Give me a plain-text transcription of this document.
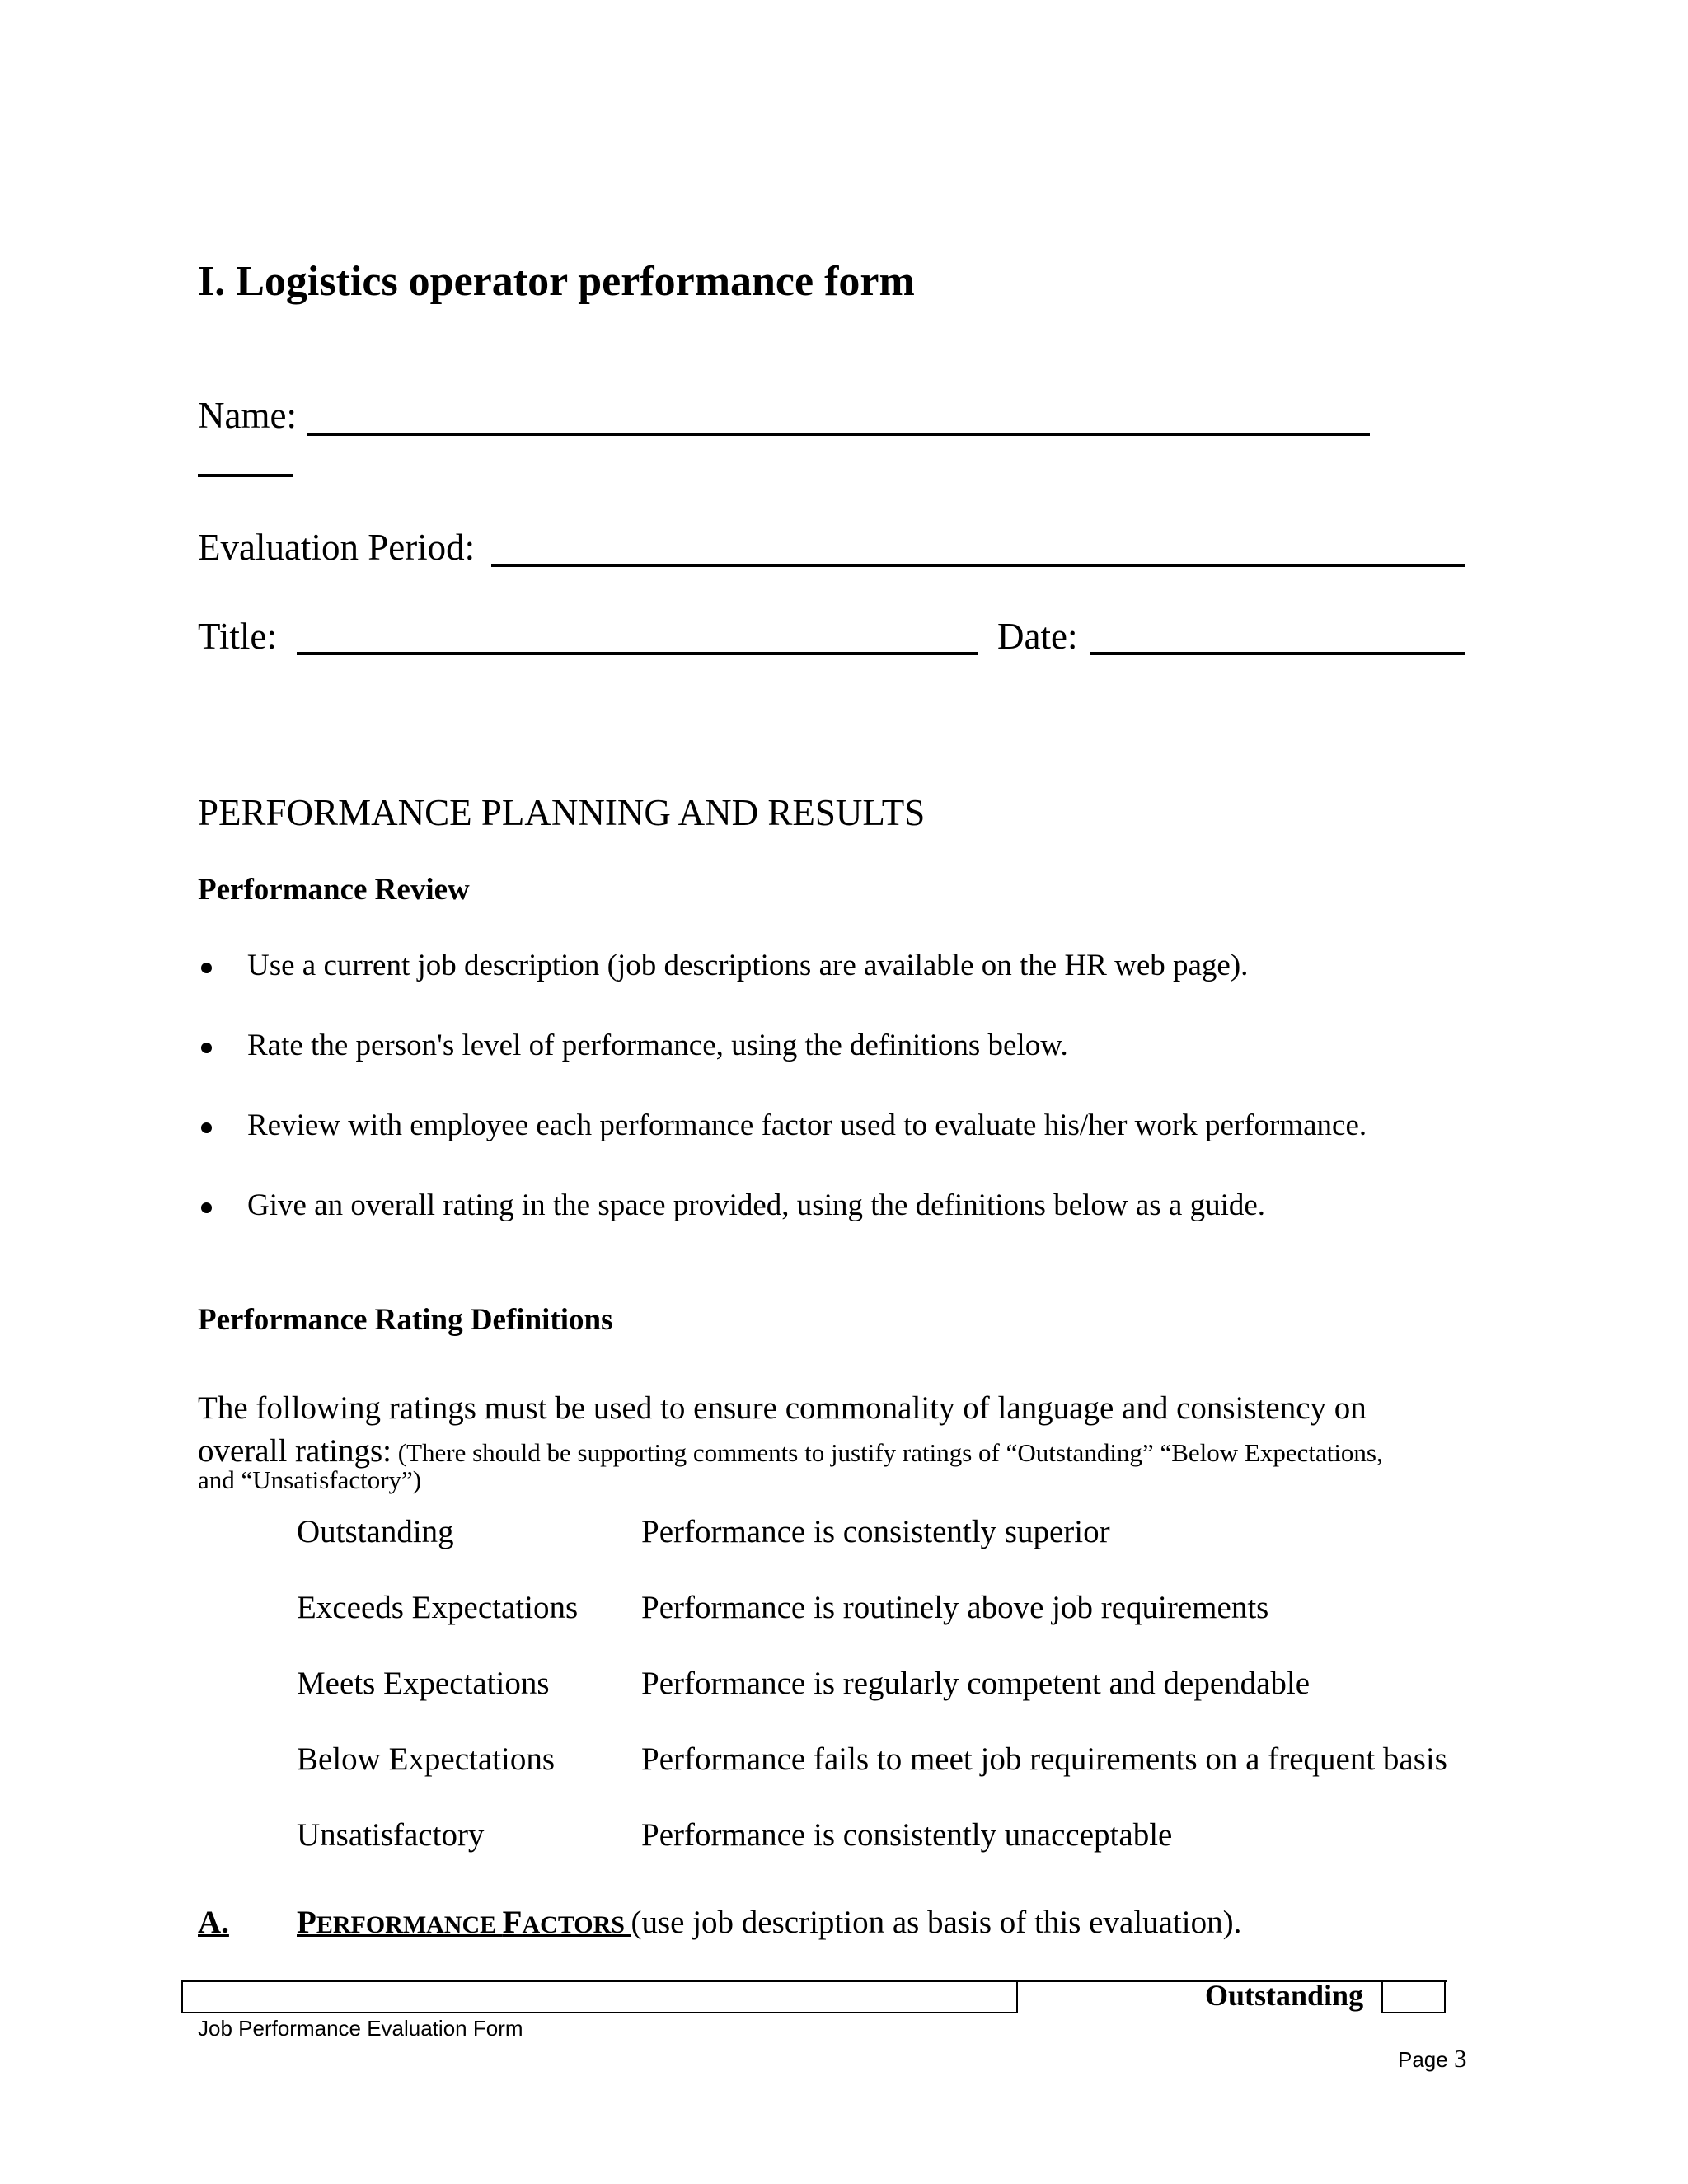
I. Logistics operator performance form
Name:
Evaluation Period:
Title:	Date:
PERFORMANCE PLANNING AND RESULTS
Performance Review
Use a current job description (job descriptions are available on the HR web page).
Rate the person's level of performance, using the definitions below.
Review with employee each performance factor used to evaluate his/her work performance.
Give an overall rating in the space provided, using the definitions below as a guide.
Performance Rating Definitions
The following ratings must be used to ensure commonality of language and consistency on
overall ratings: (There should be supporting comments to justify ratings of “Outstanding” “Below Expectations,
and “Unsatisfactory”)
Outstanding	Performance is consistently superior
Exceeds Expectations Performance is routinely above job requirements
Meets Expectations	Performance is regularly competent and dependable
Below Expectations	Performance fails to meet job requirements on a frequent basis
Unsatisfactory	Performance is consistently unacceptable
A. PERFORMANCE FACTORS (use job description as basis of this evaluation).
Outstanding
Job Performance Evaluation Form
Page 3
